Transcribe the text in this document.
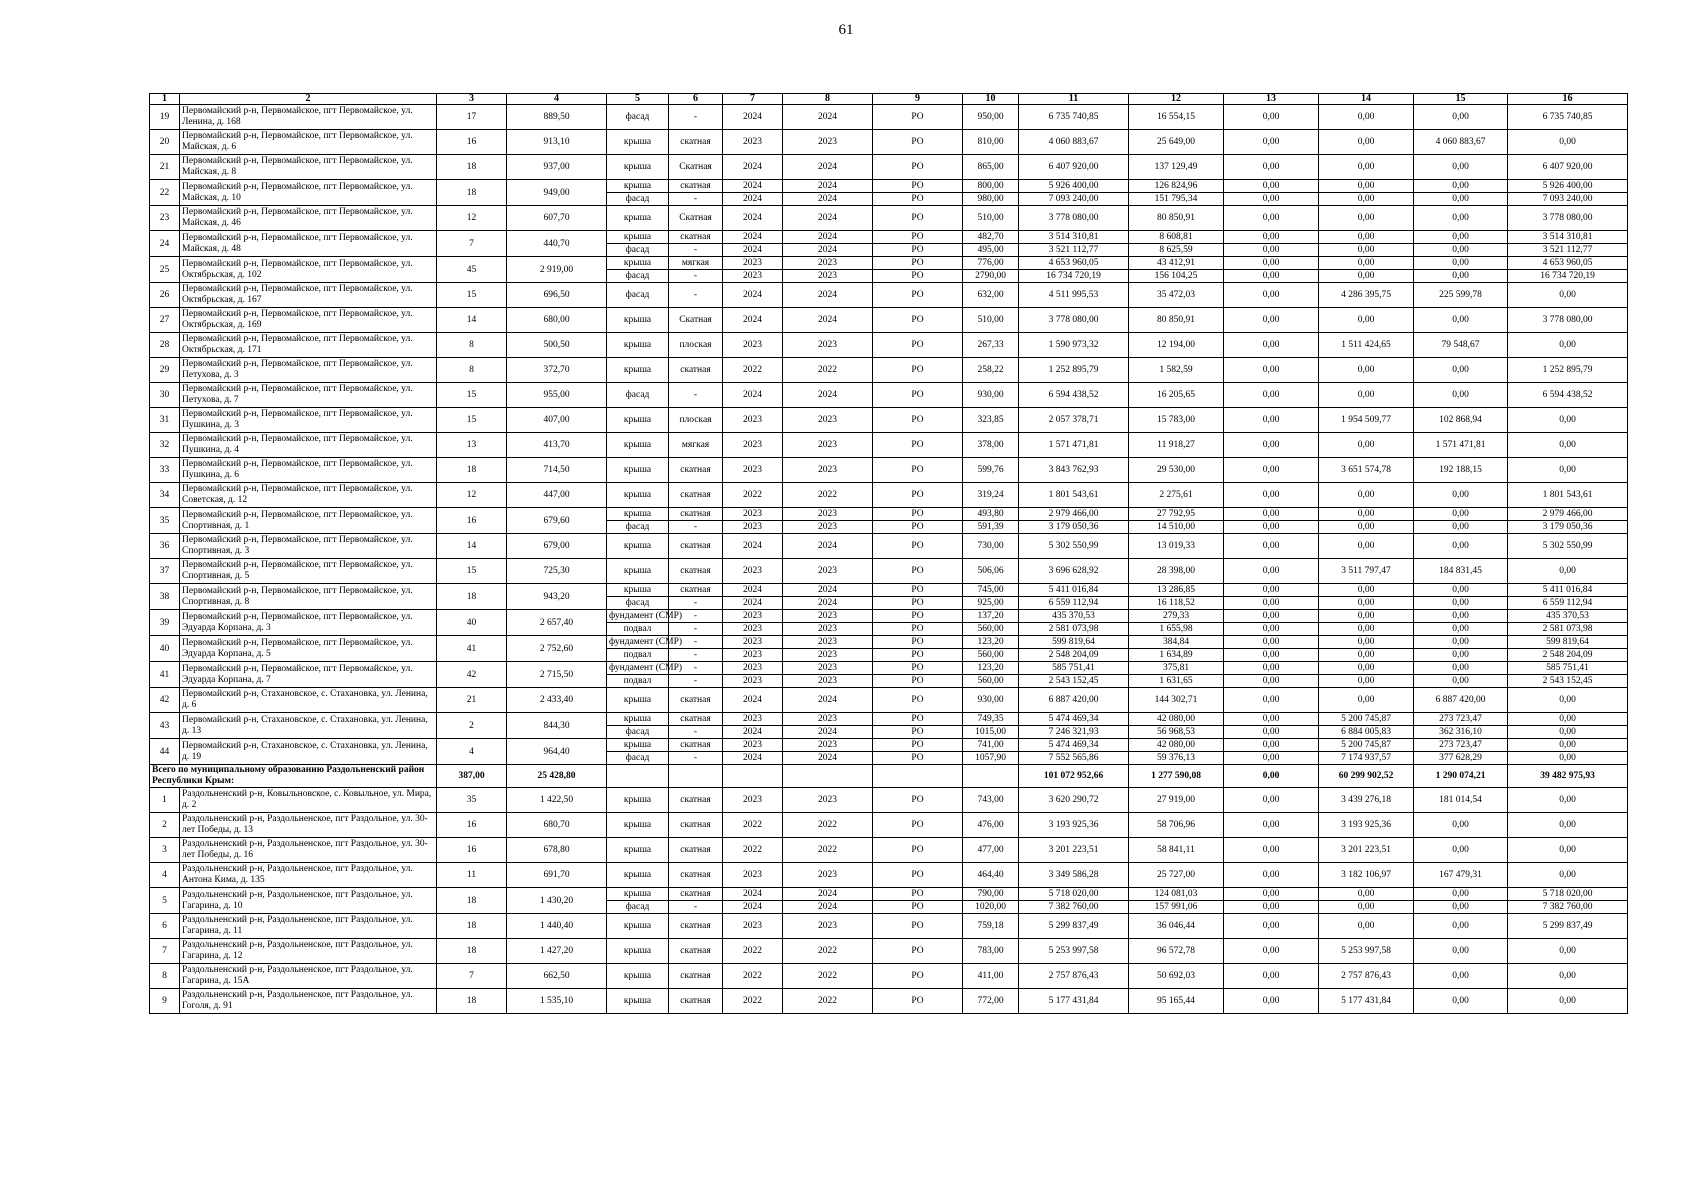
61
1	2	3	4	5	6	7	8	9	10	11	12	13	14	15	16
19	Первомайский р-н, Первомайское, пгт Первомайское, ул. Ленина, д. 168	17	889,50	фасад	-	2024	2024	РО	950,00	6 735 740,85	16 554,15	0,00	0,00	0,00	6 735 740,85
20	Первомайский р-н, Первомайское, пгт Первомайское, ул. Майская, д. 6	16	913,10	крыша	скатная	2023	2023	РО	810,00	4 060 883,67	25 649,00	0,00	0,00	4 060 883,67	0,00
21	Первомайский р-н, Первомайское, пгт Первомайское, ул. Майская, д. 8	18	937,00	крыша	Скатная	2024	2024	РО	865,00	6 407 920,00	137 129,49	0,00	0,00	0,00	6 407 920,00
22	Первомайский р-н, Первомайское, пгт Первомайское, ул. Майская, д. 10	18	949,00	крыша	скатная	2024	2024	РО	800,00	5 926 400,00	126 824,96	0,00	0,00	0,00	5 926 400,00
				фасад	-	2024	2024	РО	980,00	7 093 240,00	151 795,34	0,00	0,00	0,00	7 093 240,00
23	Первомайский р-н, Первомайское, пгт Первомайское, ул. Майская, д. 46	12	607,70	крыша	Скатная	2024	2024	РО	510,00	3 778 080,00	80 850,91	0,00	0,00	0,00	3 778 080,00
24	Первомайский р-н, Первомайское, пгт Первомайское, ул. Майская, д. 48	7	440,70	крыша	скатная	2024	2024	РО	482,70	3 514 310,81	8 608,81	0,00	0,00	0,00	3 514 310,81
				фасад	-	2024	2024	РО	495,00	3 521 112,77	8 625,59	0,00	0,00	0,00	3 521 112,77
25	Первомайский р-н, Первомайское, пгт Первомайское, ул. Октябрьская, д. 102	45	2 919,00	крыша	мягкая	2023	2023	РО	776,00	4 653 960,05	43 412,91	0,00	0,00	0,00	4 653 960,05
				фасад	-	2023	2023	РО	2790,00	16 734 720,19	156 104,25	0,00	0,00	0,00	16 734 720,19
26	Первомайский р-н, Первомайское, пгт Первомайское, ул. Октябрьская, д. 167	15	696,50	фасад	-	2024	2024	РО	632,00	4 511 995,53	35 472,03	0,00	4 286 395,75	225 599,78	0,00
27	Первомайский р-н, Первомайское, пгт Первомайское, ул. Октябрьская, д. 169	14	680,00	крыша	Скатная	2024	2024	РО	510,00	3 778 080,00	80 850,91	0,00	0,00	0,00	3 778 080,00
28	Первомайский р-н, Первомайское, пгт Первомайское, ул. Октябрьская, д. 171	8	500,50	крыша	плоская	2023	2023	РО	267,33	1 590 973,32	12 194,00	0,00	1 511 424,65	79 548,67	0,00
29	Первомайский р-н, Первомайское, пгт Первомайское, ул. Петухова, д. 3	8	372,70	крыша	скатная	2022	2022	РО	258,22	1 252 895,79	1 582,59	0,00	0,00	0,00	1 252 895,79
30	Первомайский р-н, Первомайское, пгт Первомайское, ул. Петухова, д. 7	15	955,00	фасад	-	2024	2024	РО	930,00	6 594 438,52	16 205,65	0,00	0,00	0,00	6 594 438,52
31	Первомайский р-н, Первомайское, пгт Первомайское, ул. Пушкина, д. 3	15	407,00	крыша	плоская	2023	2023	РО	323,85	2 057 378,71	15 783,00	0,00	1 954 509,77	102 868,94	0,00
32	Первомайский р-н, Первомайское, пгт Первомайское, ул. Пушкина, д. 4	13	413,70	крыша	мягкая	2023	2023	РО	378,00	1 571 471,81	11 918,27	0,00	0,00	1 571 471,81	0,00
33	Первомайский р-н, Первомайское, пгт Первомайское, ул. Пушкина, д. 6	18	714,50	крыша	скатная	2023	2023	РО	599,76	3 843 762,93	29 530,00	0,00	3 651 574,78	192 188,15	0,00
34	Первомайский р-н, Первомайское, пгт Первомайское, ул. Советская, д. 12	12	447,00	крыша	скатная	2022	2022	РО	319,24	1 801 543,61	2 275,61	0,00	0,00	0,00	1 801 543,61
35	Первомайский р-н, Первомайское, пгт Первомайское, ул. Спортивная, д. 1	16	679,60	крыша	скатная	2023	2023	РО	493,80	2 979 466,00	27 792,95	0,00	0,00	0,00	2 979 466,00
				фасад	-	2023	2023	РО	591,39	3 179 050,36	14 510,00	0,00	0,00	0,00	3 179 050,36
36	Первомайский р-н, Первомайское, пгт Первомайское, ул. Спортивная, д. 3	14	679,00	крыша	скатная	2024	2024	РО	730,00	5 302 550,99	13 019,33	0,00	0,00	0,00	5 302 550,99
37	Первомайский р-н, Первомайское, пгт Первомайское, ул. Спортивная, д. 5	15	725,30	крыша	скатная	2023	2023	РО	506,06	3 696 628,92	28 398,00	0,00	3 511 797,47	184 831,45	0,00
38	Первомайский р-н, Первомайское, пгт Первомайское, ул. Спортивная, д. 8	18	943,20	крыша	скатная	2024	2024	РО	745,00	5 411 016,84	13 286,85	0,00	0,00	0,00	5 411 016,84
				фасад	-	2024	2024	РО	925,00	6 559 112,94	16 118,52	0,00	0,00	0,00	6 559 112,94
39	Первомайский р-н, Первомайское, пгт Первомайское, ул. Эдуарда Корпана, д. 3	40	2 657,40	фундамент (СМР)	-	2023	2023	РО	137,20	435 370,53	279,33	0,00	0,00	0,00	435 370,53
				подвал	-	2023	2023	РО	560,00	2 581 073,98	1 655,98	0,00	0,00	0,00	2 581 073,98
40	Первомайский р-н, Первомайское, пгт Первомайское, ул. Эдуарда Корпана, д. 5	41	2 752,60	фундамент (СМР)	-	2023	2023	РО	123,20	599 819,64	384,84	0,00	0,00	0,00	599 819,64
				подвал	-	2023	2023	РО	560,00	2 548 204,09	1 634,89	0,00	0,00	0,00	2 548 204,09
41	Первомайский р-н, Первомайское, пгт Первомайское, ул. Эдуарда Корпана, д. 7	42	2 715,50	фундамент (СМР)	-	2023	2023	РО	123,20	585 751,41	375,81	0,00	0,00	0,00	585 751,41
				подвал	-	2023	2023	РО	560,00	2 543 152,45	1 631,65	0,00	0,00	0,00	2 543 152,45
42	Первомайский р-н, Стахановское, с. Стахановка, ул. Ленина, д. 6	21	2 433,40	крыша	скатная	2024	2024	РО	930,00	6 887 420,00	144 302,71	0,00	0,00	6 887 420,00	0,00
43	Первомайский р-н, Стахановское, с. Стахановка, ул. Ленина, д. 13	2	844,30	крыша	скатная	2023	2023	РО	749,35	5 474 469,34	42 080,00	0,00	5 200 745,87	273 723,47	0,00
				фасад	-	2024	2024	РО	1015,00	7 246 321,93	56 968,53	0,00	6 884 005,83	362 316,10	0,00
44	Первомайский р-н, Стахановское, с. Стахановка, ул. Ленина, д. 19	4	964,40	крыша	скатная	2023	2023	РО	741,00	5 474 469,34	42 080,00	0,00	5 200 745,87	273 723,47	0,00
				фасад	-	2024	2024	РО	1057,90	7 552 565,86	59 376,13	0,00	7 174 937,57	377 628,29	0,00
Всего по муниципальному образованию Раздольненский район Республики Крым:		387,00	25 428,80							101 072 952,66	1 277 590,08	0,00	60 299 902,52	1 290 074,21	39 482 975,93
1	Раздольненский р-н, Ковыльновское, с. Ковыльное, ул. Мира, д. 2	35	1 422,50	крыша	скатная	2023	2023	РО	743,00	3 620 290,72	27 919,00	0,00	3 439 276,18	181 014,54	0,00
2	Раздольненский р-н, Раздольненское, пгт Раздольное, ул. 30-лет Победы, д. 13	16	680,70	крыша	скатная	2022	2022	РО	476,00	3 193 925,36	58 706,96	0,00	3 193 925,36	0,00	0,00
3	Раздольненский р-н, Раздольненское, пгт Раздольное, ул. 30-лет Победы, д. 16	16	678,80	крыша	скатная	2022	2022	РО	477,00	3 201 223,51	58 841,11	0,00	3 201 223,51	0,00	0,00
4	Раздольненский р-н, Раздольненское, пгт Раздольное, ул. Антона Кима, д. 135	11	691,70	крыша	скатная	2023	2023	РО	464,40	3 349 586,28	25 727,00	0,00	3 182 106,97	167 479,31	0,00
5	Раздольненский р-н, Раздольненское, пгт Раздольное, ул. Гагарина, д. 10	18	1 430,20	крыша	скатная	2024	2024	РО	790,00	5 718 020,00	124 081,03	0,00	0,00	0,00	5 718 020,00
				фасад	-	2024	2024	РО	1020,00	7 382 760,00	157 991,06	0,00	0,00	0,00	7 382 760,00
6	Раздольненский р-н, Раздольненское, пгт Раздольное, ул. Гагарина, д. 11	18	1 440,40	крыша	скатная	2023	2023	РО	759,18	5 299 837,49	36 046,44	0,00	0,00	0,00	5 299 837,49
7	Раздольненский р-н, Раздольненское, пгт Раздольное, ул. Гагарина, д. 12	18	1 427,20	крыша	скатная	2022	2022	РО	783,00	5 253 997,58	96 572,78	0,00	5 253 997,58	0,00	0,00
8	Раздольненский р-н, Раздольненское, пгт Раздольное, ул. Гагарина, д. 15А	7	662,50	крыша	скатная	2022	2022	РО	411,00	2 757 876,43	50 692,03	0,00	2 757 876,43	0,00	0,00
9	Раздольненский р-н, Раздольненское, пгт Раздольное, ул. Гоголя, д. 91	18	1 535,10	крыша	скатная	2022	2022	РО	772,00	5 177 431,84	95 165,44	0,00	5 177 431,84	0,00	0,00
